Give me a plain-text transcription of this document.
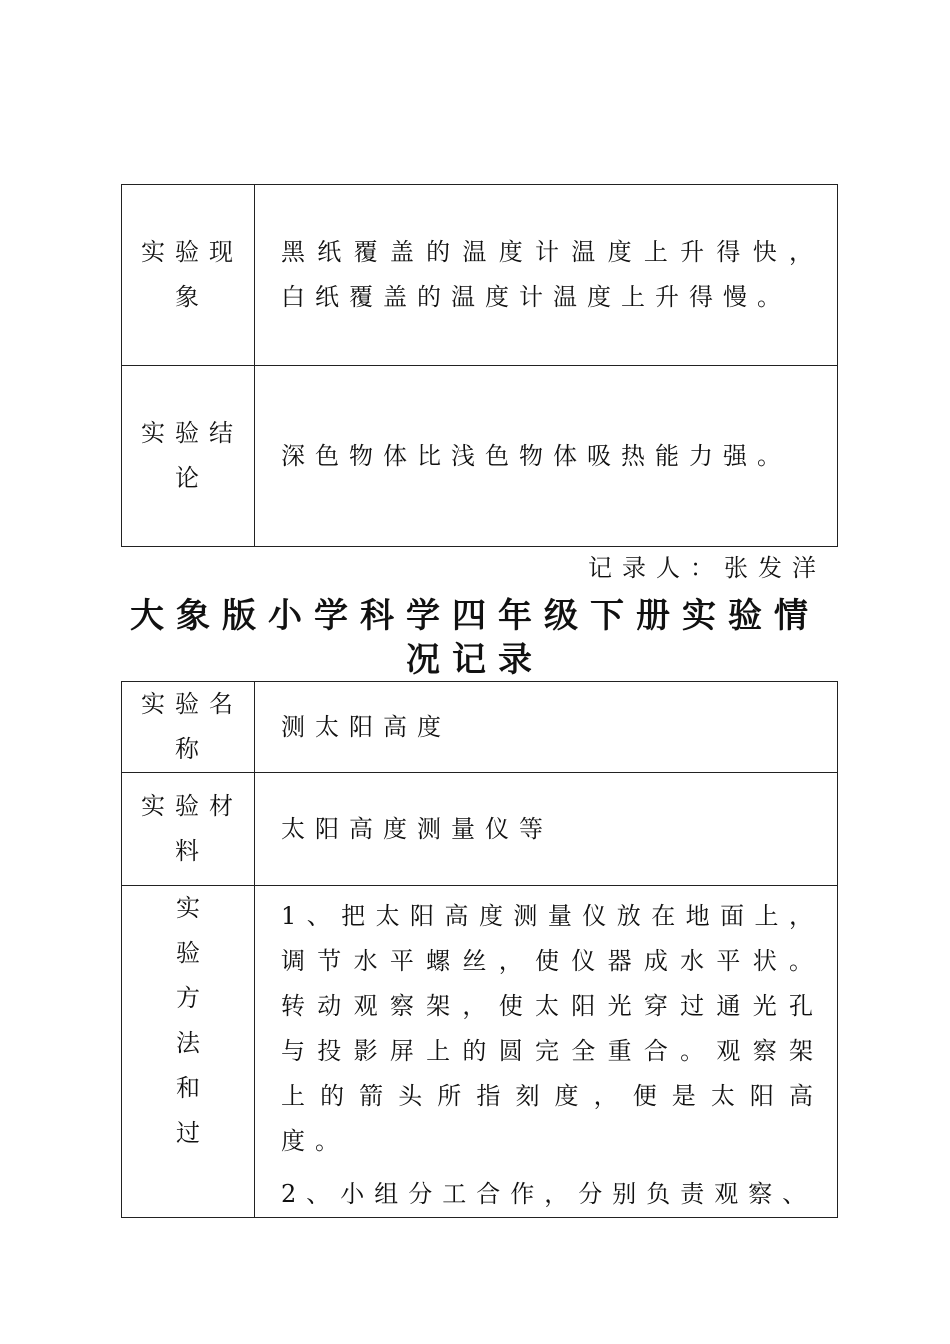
实验现象	黑纸覆盖的温度计温度上升得快，白纸覆盖的温度计温度上升得慢。

实验结论	深色物体比浅色物体吸热能力强。
记录人：张发洋
大象版小学科学四年级下册实验情况记录
实验名称	测太阳高度

实验材料	太阳高度测量仪等

实验方法和过	1、把太阳高度测量仪放在地面上，调节水平螺丝，使仪器成水平状。转动观察架，使太阳光穿过通光孔与投影屏上的圆完全重合。观察架上的箭头所指刻度，便是太阳高度。
2、小组分工合作，分别负责观察、
